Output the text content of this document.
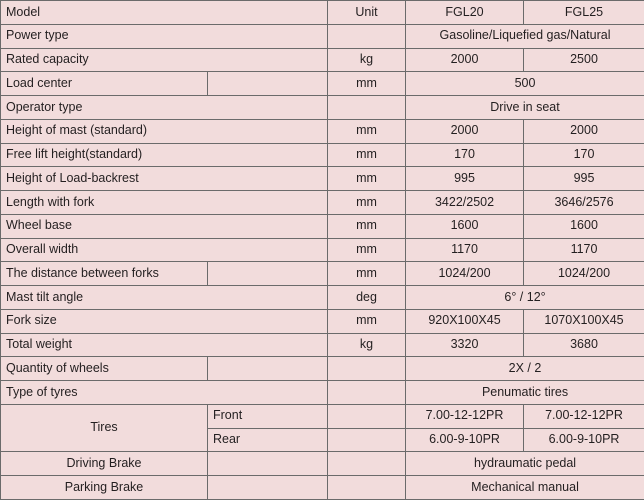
Model		Unit	FGL20	FGL25
Power type			Gasoline/Liquefied gas/Natural	
Rated capacity		kg	2000	2500
Load center		mm	500	
Operator type			Drive in seat	
Height of mast (standard)		mm	2000	2000
Free lift height(standard)		mm	170	170
Height of Load-backrest		mm	995	995
Length with fork		mm	3422/2502	3646/2576
Wheel base		mm	1600	1600
Overall width		mm	1170	1170
The distance between forks		mm	1024/200	1024/200
Mast tilt angle		deg	6° / 12°	
Fork size		mm	920X100X45	1070X100X45
Total weight		kg	3320	3680
Quantity of wheels			2X / 2	
Type of tyres			Penumatic tires	
Tires	Front		7.00-12-12PR	7.00-12-12PR
	Rear		6.00-9-10PR	6.00-9-10PR
Driving Brake			hydraumatic pedal	
Parking Brake			Mechanical manual	
